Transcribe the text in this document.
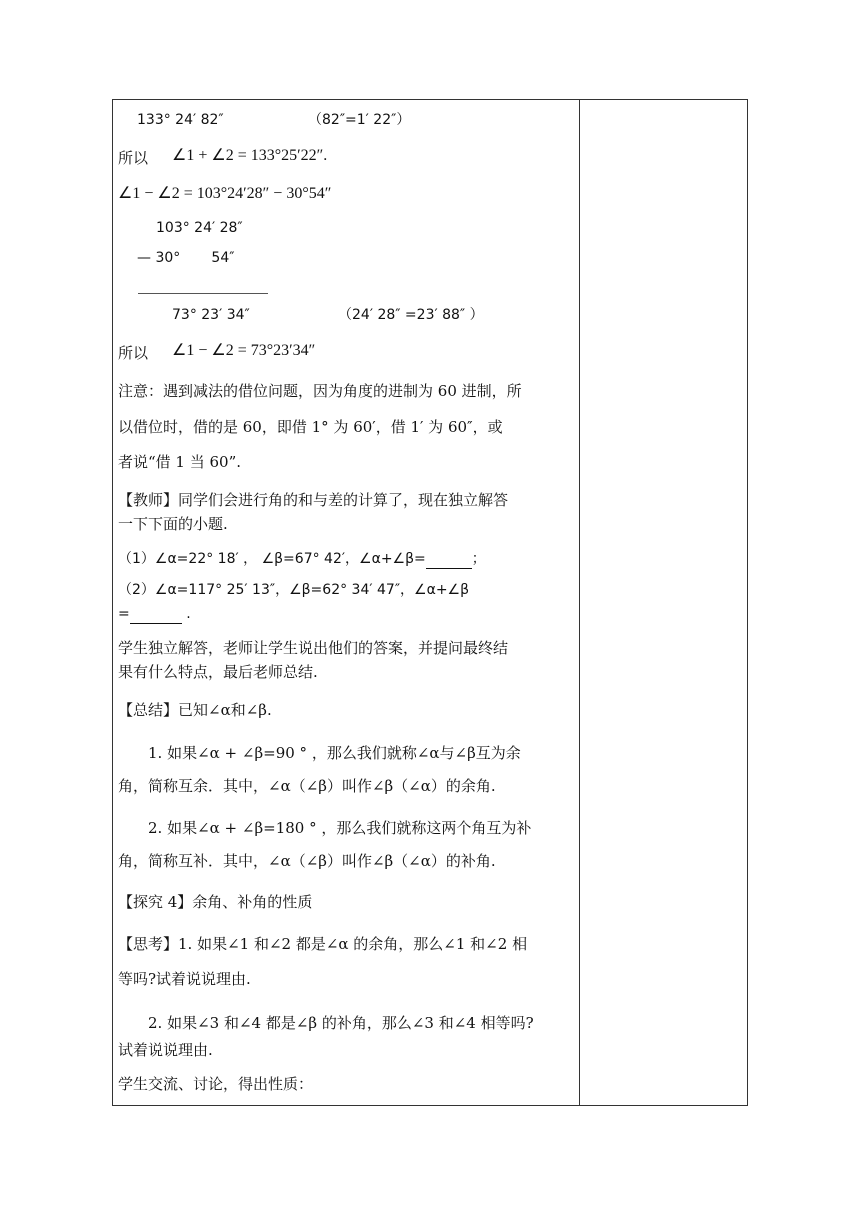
133° 24′ 82″	（82″=1′ 22″）
所以 ∠1 + ∠2 = 133°25′22″.
∠1 − ∠2 = 103°24′28″ − 30°54″
103° 24′ 28″
— 30°       54″
73° 23′ 34″	（24′ 28″ =23′ 88″ ）
所以 ∠1 − ∠2 = 73°23′34″
注意：遇到减法的借位问题，因为角度的进制为 60 进制，所
以借位时，借的是 60，即借 1° 为 60′，借 1′ 为 60″，或
者说“借 1 当 60”.
【教师】同学们会进行角的和与差的计算了，现在独立解答
一下下面的小题.
（1）∠α=22° 18′ ， ∠β=67° 42′，∠α+∠β=	；
（2）∠α=117° 25′ 13″，∠β=62° 34′ 47″，∠α+∠β
=	.
学生独立解答，老师让学生说出他们的答案，并提问最终结
果有什么特点，最后老师总结.
【总结】已知∠α和∠β.
1. 如果∠α + ∠β=90 ° ，那么我们就称∠α与∠β互为余
角，简称互余．其中，∠α（∠β）叫作∠β（∠α）的余角.
2. 如果∠α + ∠β=180 ° ，那么我们就称这两个角互为补
角，简称互补．其中，∠α（∠β）叫作∠β（∠α）的补角.
【探究 4】余角、补角的性质
【思考】1. 如果∠1 和∠2 都是∠α 的余角，那么∠1 和∠2 相
等吗?试着说说理由.
2. 如果∠3 和∠4 都是∠β 的补角，那么∠3 和∠4 相等吗?
试着说说理由.
学生交流、讨论，得出性质：
